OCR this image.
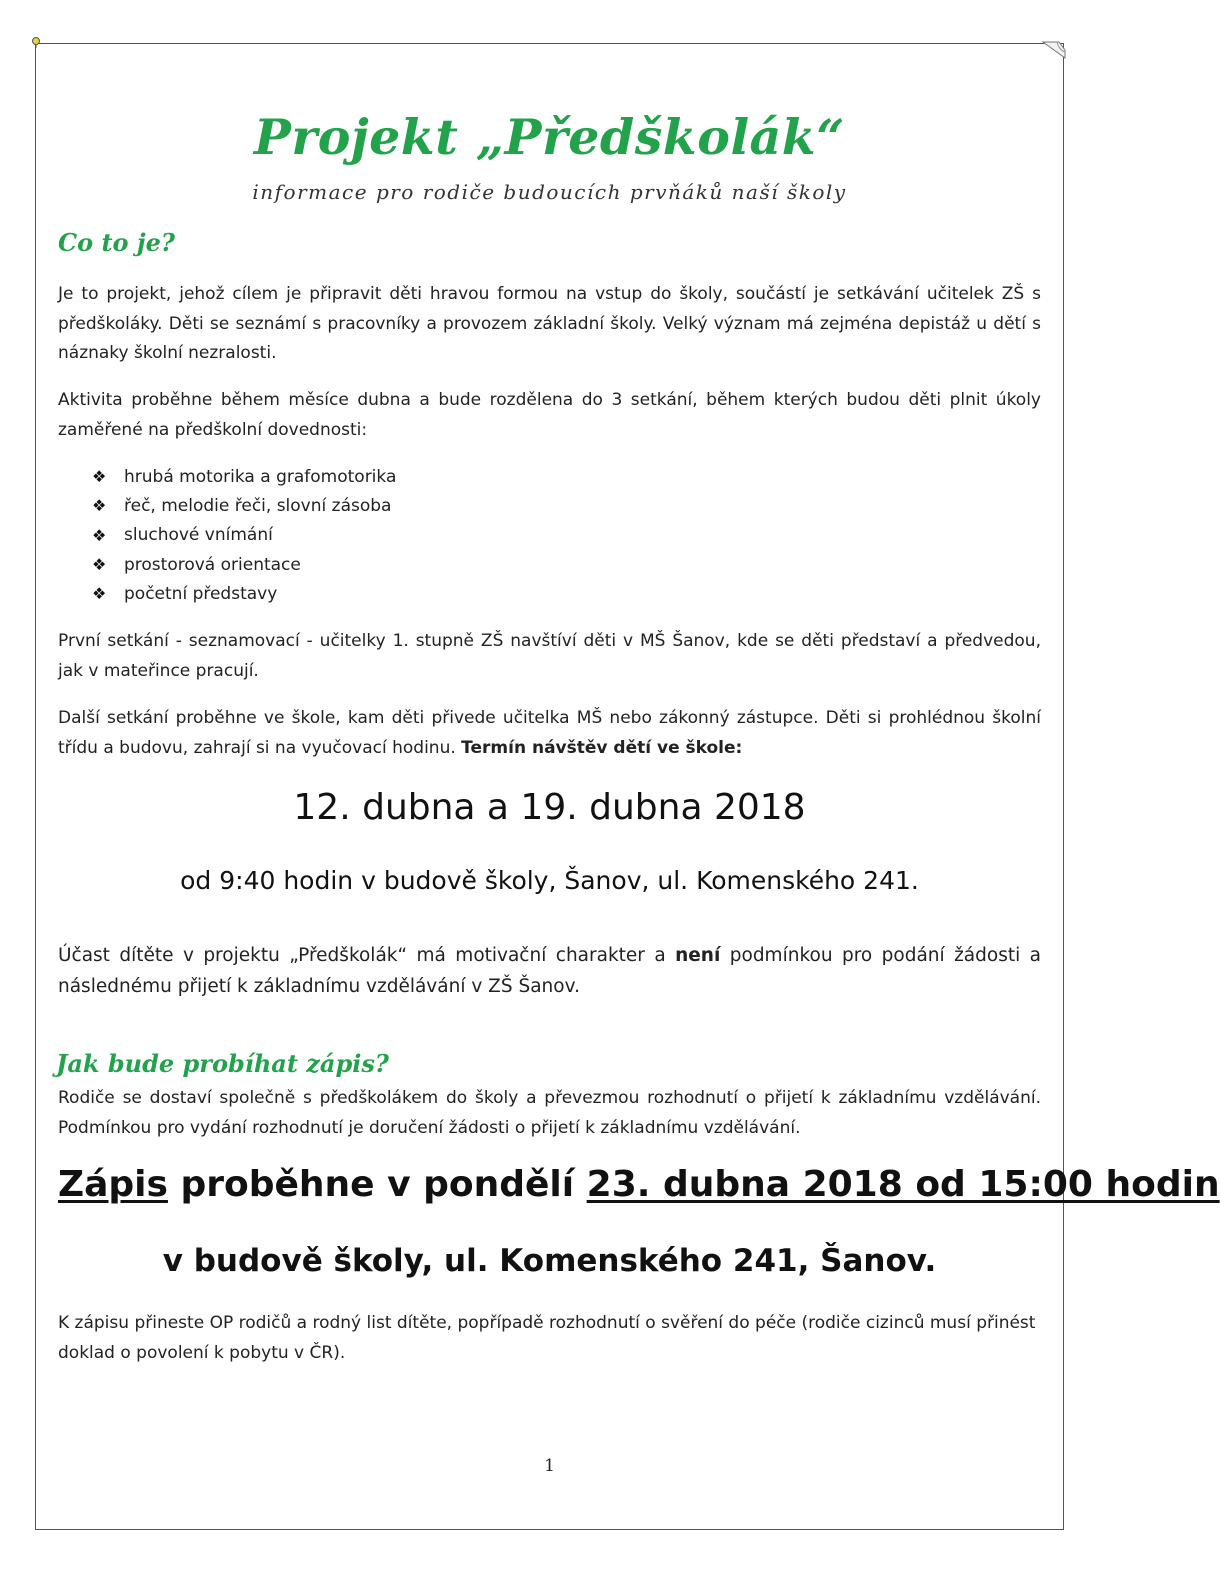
Projekt „Předškolák“
informace pro rodiče budoucích prvňáků naší školy
Co to je?
Je to projekt, jehož cílem je připravit děti hravou formou na vstup do školy, součástí je setkávání učitelek ZŠ s předškoláky. Děti se seznámí s pracovníky a provozem základní školy. Velký význam má zejména depistáž u dětí s náznaky školní nezralosti.
Aktivita proběhne během měsíce dubna a bude rozdělena do 3 setkání, během kterých budou děti plnit úkoly zaměřené na předškolní dovednosti:
❖	hrubá motorika a grafomotorika
❖	řeč, melodie řeči, slovní zásoba
❖	sluchové vnímání
❖	prostorová orientace
❖	početní představy
První setkání - seznamovací - učitelky 1. stupně ZŠ navštíví děti v MŠ Šanov, kde se děti představí a předvedou, jak v mateřince pracují.
Další setkání proběhne ve škole, kam děti přivede učitelka MŠ nebo zákonný zástupce. Děti si prohlédnou školní třídu a budovu, zahrají si na vyučovací hodinu. Termín návštěv dětí ve škole:
12. dubna a 19. dubna 2018
od 9:40 hodin v budově školy, Šanov, ul. Komenského 241.
Účast dítěte v projektu „Předškolák“ má motivační charakter a není podmínkou pro podání žádosti a následnému přijetí k základnímu vzdělávání v ZŠ Šanov.
Jak bude probíhat zápis?
Rodiče se dostaví společně s předškolákem do školy a převezmou rozhodnutí o přijetí k základnímu vzdělávání. Podmínkou pro vydání rozhodnutí je doručení žádosti o přijetí k základnímu vzdělávání.
Zápis proběhne v pondělí 23. dubna 2018 od 15:00 hodin
v budově školy, ul. Komenského 241, Šanov.
K zápisu přineste OP rodičů a rodný list dítěte, popřípadě rozhodnutí o svěření do péče (rodiče cizinců musí přinést doklad o povolení k pobytu v ČR).
1
